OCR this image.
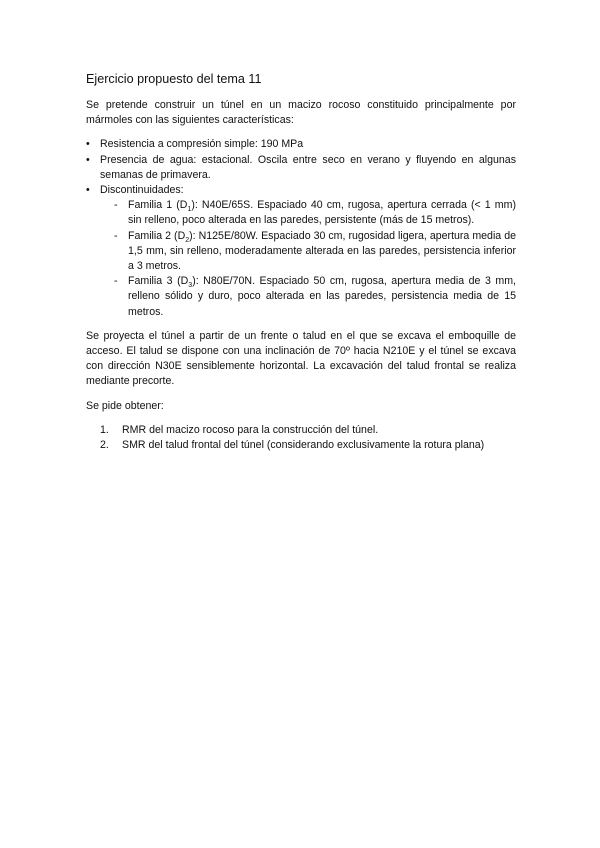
Ejercicio propuesto del tema 11

Se pretende construir un túnel en un macizo rocoso constituido principalmente por mármoles con las siguientes características:

• Resistencia a compresión simple: 190 MPa
• Presencia de agua: estacional. Oscila entre seco en verano y fluyendo en algunas semanas de primavera.
• Discontinuidades:
- Familia 1 $(D_1)$: N40E/65S. Espaciado 40 cm, rugosa, apertura cerrada (< 1 mm) sin relleno, poco alterada en las paredes, persistente (más de 15 metros).
- Familia 2 $(D_2)$: N125E/80W. Espaciado 30 cm, rugosidad ligera, apertura media de 1,5 mm, sin relleno, moderadamente alterada en las paredes, persistencia inferior a 3 metros.
- Familia 3 $(D_3)$: N80E/70N. Espaciado 50 cm, rugosa, apertura media de 3 mm, relleno sólido y duro, poco alterada en las paredes, persistencia media de 15 metros.

Se proyecta el túnel a partir de un frente o talud en el que se excava el emboquille de acceso. El talud se dispone con una inclinación de 70º hacia N210E y el túnel se excava con dirección N30E sensiblemente horizontal. La excavación del talud frontal se realiza mediante precorte.

Se pide obtener:

1. RMR del macizo rocoso para la construcción del túnel.
2. SMR del talud frontal del túnel (considerando exclusivamente la rotura plana)
